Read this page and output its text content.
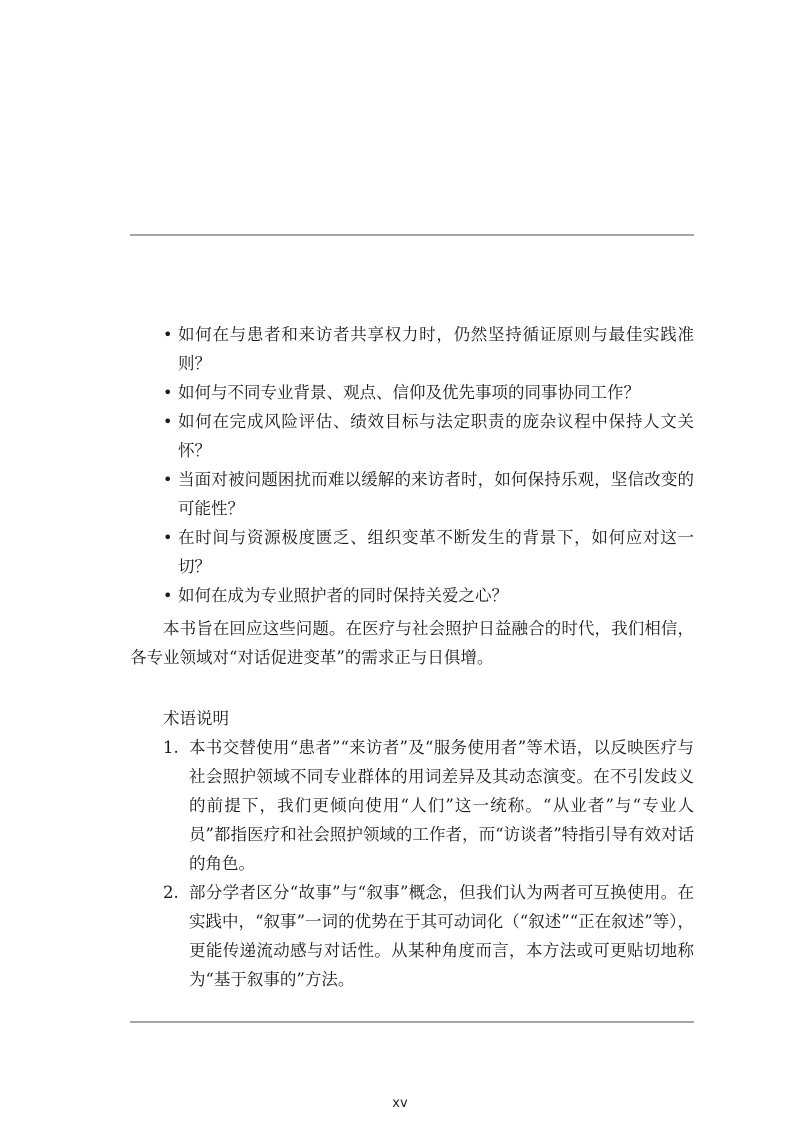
• 如何在与患者和来访者共享权力时，仍然坚持循证原则与最佳实践准则？
• 如何与不同专业背景、观点、信仰及优先事项的同事协同工作？
• 如何在完成风险评估、绩效目标与法定职责的庞杂议程中保持人文关怀？
• 当面对被问题困扰而难以缓解的来访者时，如何保持乐观，坚信改变的可能性？
• 在时间与资源极度匮乏、组织变革不断发生的背景下，如何应对这一切？
• 如何在成为专业照护者的同时保持关爱之心？

本书旨在回应这些问题。在医疗与社会照护日益融合的时代，我们相信，各专业领域对“对话促进变革”的需求正与日俱增。

术语说明

1. 本书交替使用“患者”“来访者”及“服务使用者”等术语，以反映医疗与社会照护领域不同专业群体的用词差异及其动态演变。在不引发歧义的前提下，我们更倾向使用“人们”这一统称。“从业者”与“专业人员”都指医疗和社会照护领域的工作者，而“访谈者”特指引导有效对话的角色。
2. 部分学者区分“故事”与“叙事”概念，但我们认为两者可互换使用。在实践中，“叙事”一词的优势在于其可动词化（“叙述”“正在叙述”等），更能传递流动感与对话性。从某种角度而言，本方法或可更贴切地称为“基于叙事的”方法。
xv
